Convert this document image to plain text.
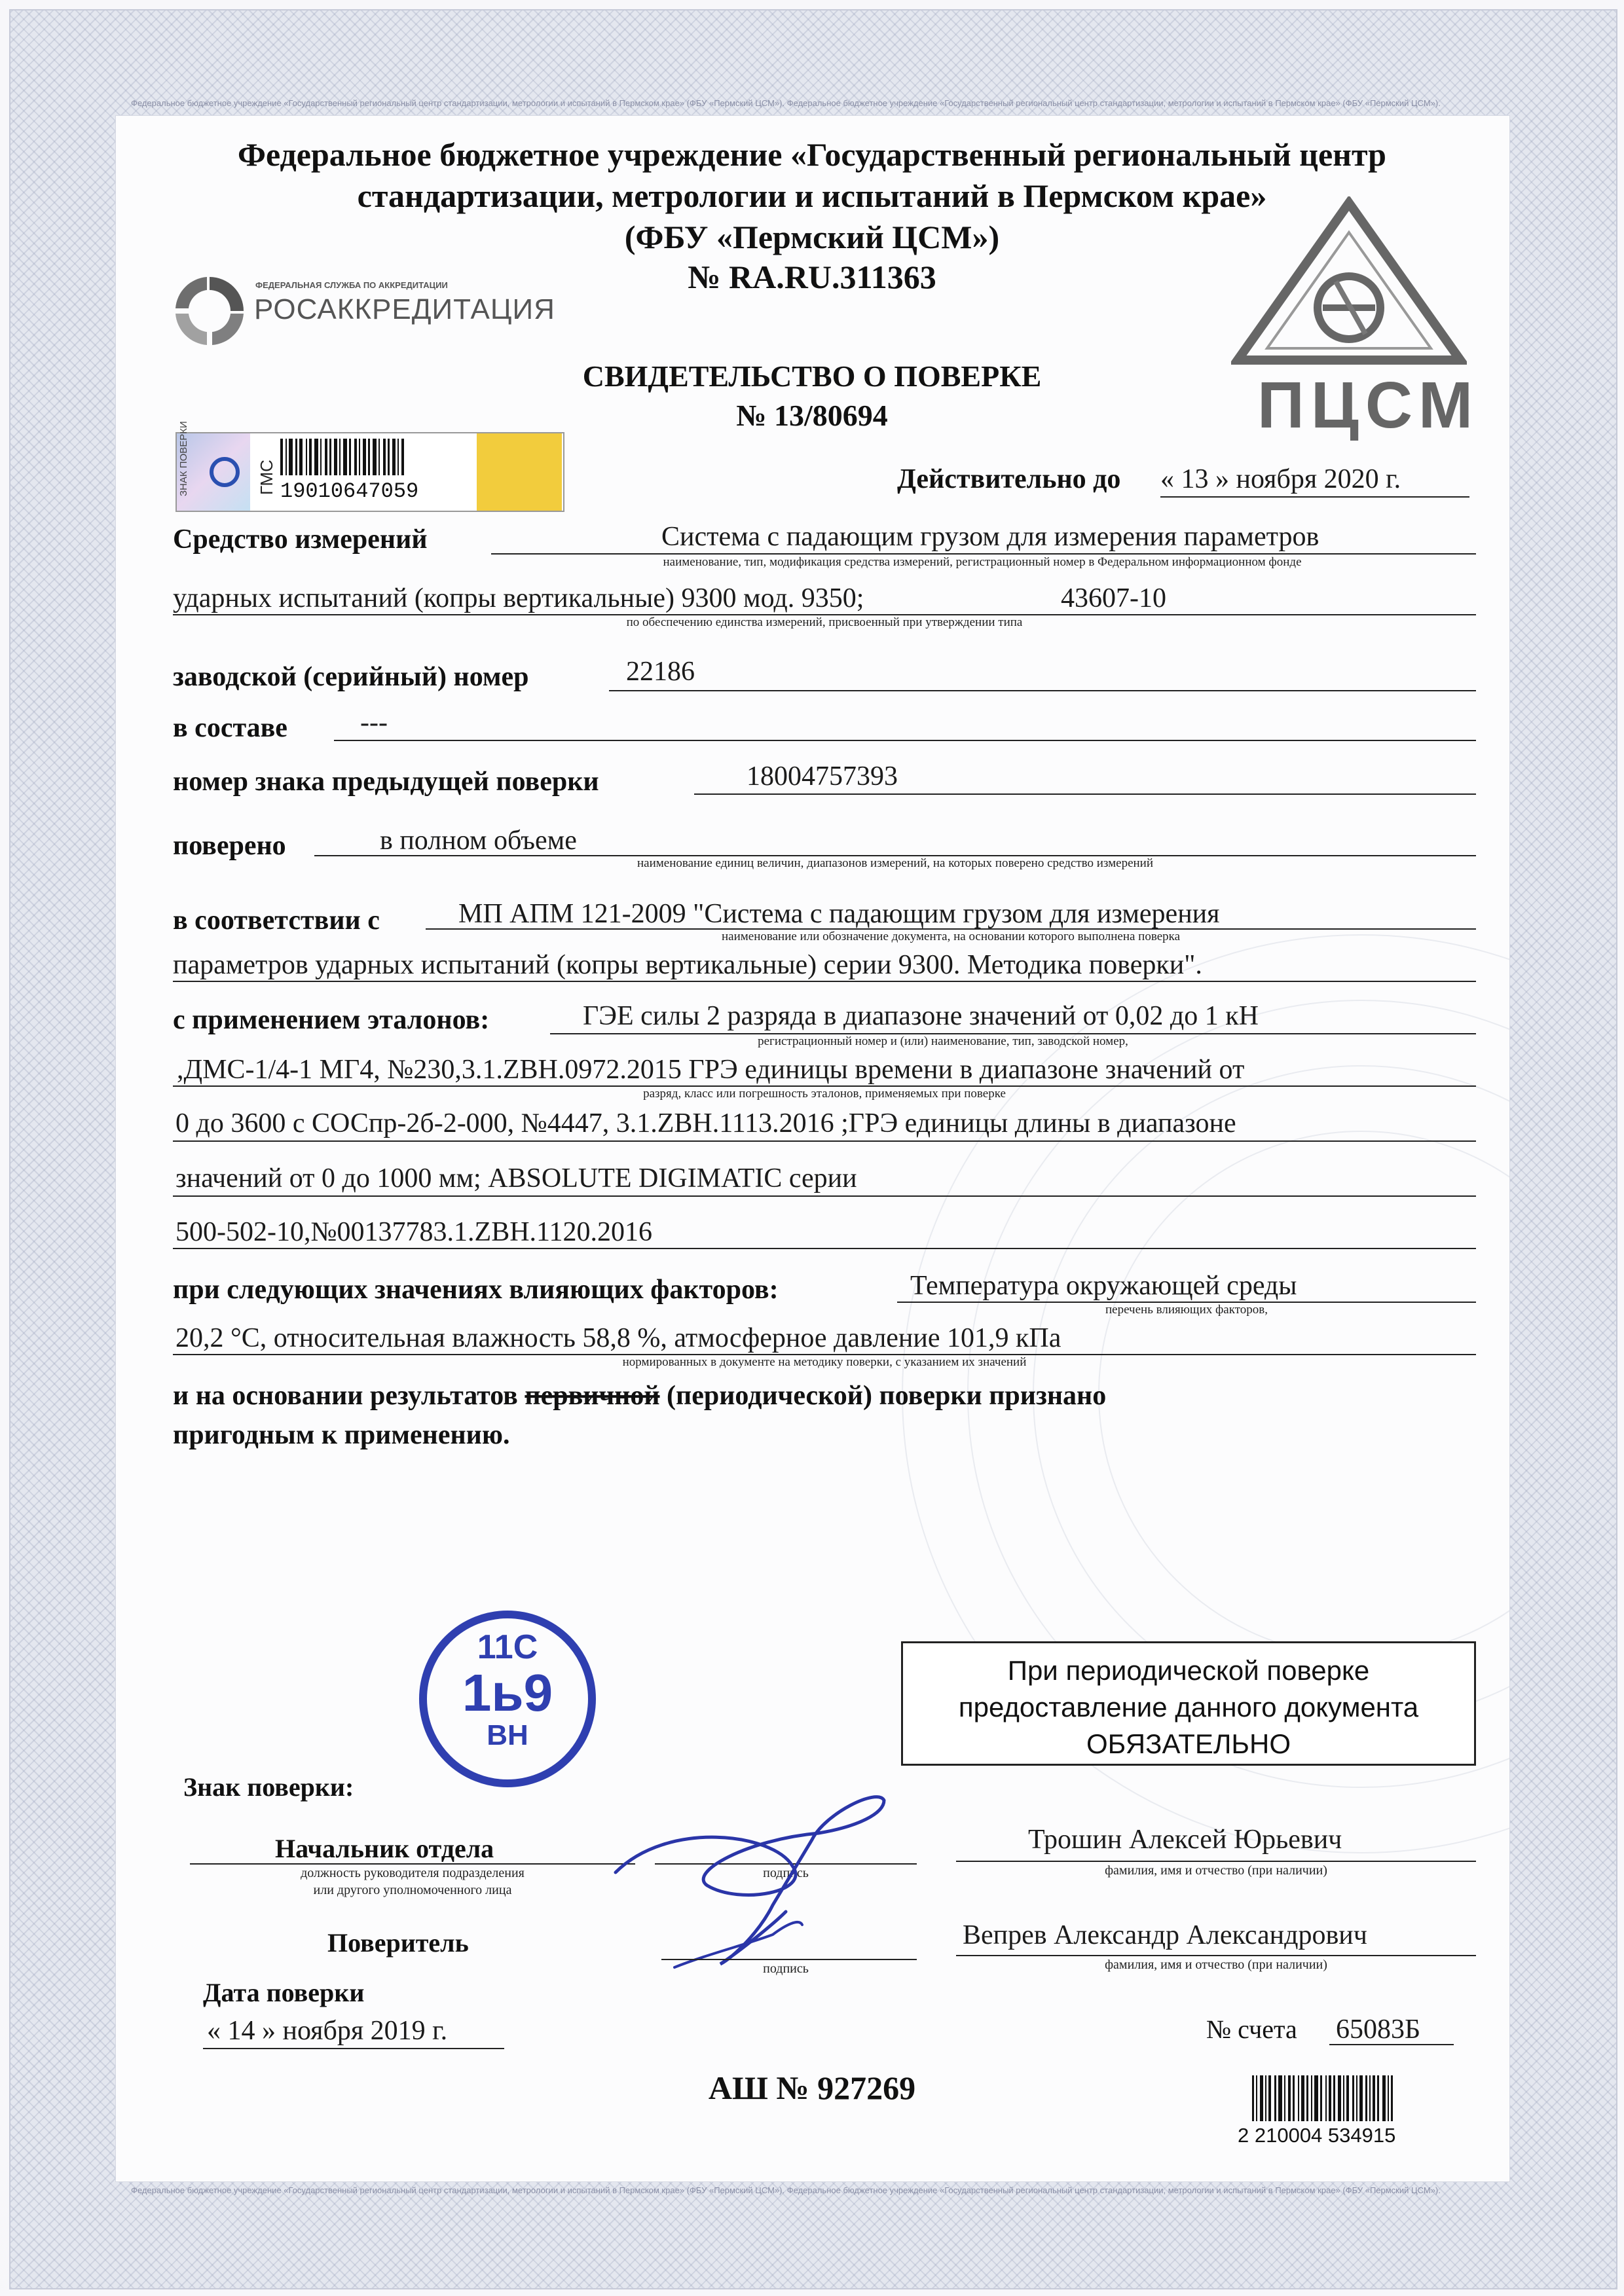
Федеральное бюджетное учреждение «Государственный региональный центр стандартизации, метрологии и испытаний в Пермском крае» (ФБУ «Пермский ЦСМ»). Федеральное бюджетное учреждение «Государственный региональный центр стандартизации, метрологии и испытаний в Пермском крае» (ФБУ «Пермский ЦСМ»).
Федеральное бюджетное учреждение «Государственный региональный центр стандартизации, метрологии и испытаний в Пермском крае» (ФБУ «Пермский ЦСМ»). Федеральное бюджетное учреждение «Государственный региональный центр стандартизации, метрологии и испытаний в Пермском крае» (ФБУ «Пермский ЦСМ»).
Федеральное бюджетное учреждение «Государственный региональный центр
стандартизации, метрологии и испытаний в Пермском крае»
(ФБУ «Пермский ЦСМ»)
№ RA.RU.311363
ФЕДЕРАЛЬНАЯ СЛУЖБА ПО АККРЕДИТАЦИИ
РОСАККРЕДИТАЦИЯ
ПЦСМ
СВИДЕТЕЛЬСТВО О ПОВЕРКЕ
№ 13/80694
ЗНАК ПОВЕРКИ	ГМС 19010647059	Действительно до « 13 » ноября 2020 г.
Средство измерений	Система с падающим грузом для измерения параметров
наименование, тип, модификация средства измерений, регистрационный номер в Федеральном информационном фонде
ударных испытаний (копры вертикальные) 9300 мод. 9350;	43607-10
по обеспечению единства измерений, присвоенный при утверждении типа
заводской (серийный) номер	22186
в составе	---
номер знака предыдущей поверки	18004757393
поверено	в полном объеме
наименование единиц величин, диапазонов измерений, на которых поверено средство измерений
в соответствии с	МП АПМ 121-2009 "Система с падающим грузом для измерения
наименование или обозначение документа, на основании которого выполнена поверка
параметров ударных испытаний (копры вертикальные) серии 9300. Методика поверки".
с применением эталонов:	ГЭЕ силы 2 разряда в диапазоне значений от 0,02 до 1 кН
регистрационный номер и (или) наименование, тип, заводской номер,
,ДМС-1/4-1 МГ4, №230,3.1.ZBH.0972.2015 ГРЭ единицы времени в диапазоне значений от
разряд, класс или погрешность эталонов, применяемых при поверке
0 до 3600 с СОСпр-2б-2-000, №4447, 3.1.ZBH.1113.2016 ;ГРЭ единицы длины в диапазоне
значений от 0 до 1000 мм; ABSOLUTE DIGIMATIC серии
500-502-10,№00137783.1.ZBH.1120.2016
при следующих значениях влияющих факторов:	Температура окружающей среды
перечень влияющих факторов,
20,2 °С, относительная влажность 58,8 %, атмосферное давление 101,9 кПа
нормированных в документе на методику поверки, с указанием их значений
и на основании результатов первичной (периодической) поверки признано
пригодным к применению.
11С
1ь9
ВН
При периодической поверке
предоставление данного документа
ОБЯЗАТЕЛЬНО
Знак поверки:
Начальник отдела
должность руководителя подразделения
или другого уполномоченного лица
подпись
Трошин Алексей Юрьевич
фамилия, имя и отчество (при наличии)
Поверитель
подпись
Вепрев Александр Александрович
фамилия, имя и отчество (при наличии)
Дата поверки
« 14 » ноября 2019 г.	№ счета 65083Б
АШ № 927269
2 210004 534915
